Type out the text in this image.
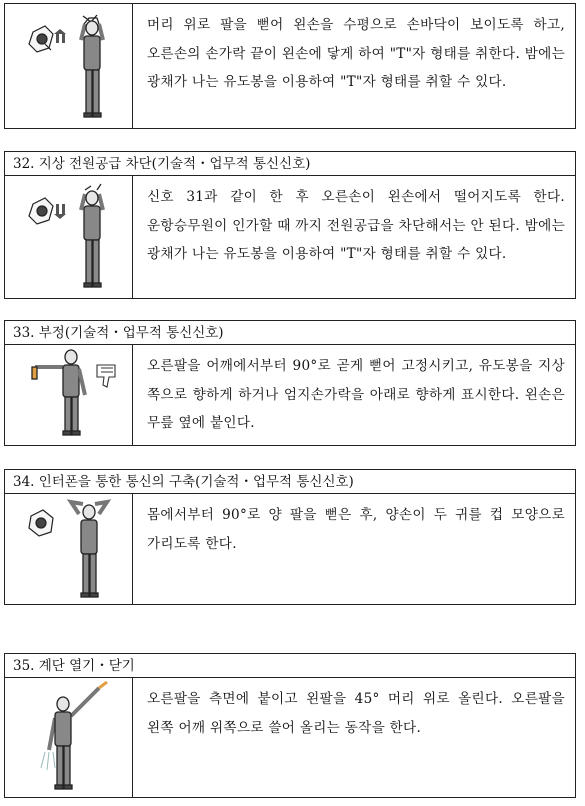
머리 위로 팔을 뻗어 왼손을 수평으로 손바닥이 보이도록 하고, 오른손의 손가락 끝이 왼손에 닿게 하여 "T"자 형태를 취한다. 밤에는 광채가 나는 유도봉을 이용하여 "T"자 형태를 취할 수 있다.
32. 지상 전원공급 차단(기술적・업무적 통신신호)
신호 31과 같이 한 후 오른손이 왼손에서 떨어지도록 한다. 운항승무원이 인가할 때 까지 전원공급을 차단해서는 안 된다. 밤에는 광채가 나는 유도봉을 이용하여 "T"자 형태를 취할 수 있다.
33. 부정(기술적・업무적 통신신호)
오른팔을 어깨에서부터 90°로 곧게 뻗어 고정시키고, 유도봉을 지상 쪽으로 향하게 하거나 엄지손가락을 아래로 향하게 표시한다. 왼손은 무릎 옆에 붙인다.
34. 인터폰을 통한 통신의 구축(기술적・업무적 통신신호)
몸에서부터 90°로 양 팔을 뻗은 후, 양손이 두 귀를 컵 모양으로 가리도록 한다.
35. 계단 열기・닫기
오른팔을 측면에 붙이고 왼팔을 45° 머리 위로 올린다. 오른팔을 왼쪽 어깨 위쪽으로 쓸어 올리는 동작을 한다.
